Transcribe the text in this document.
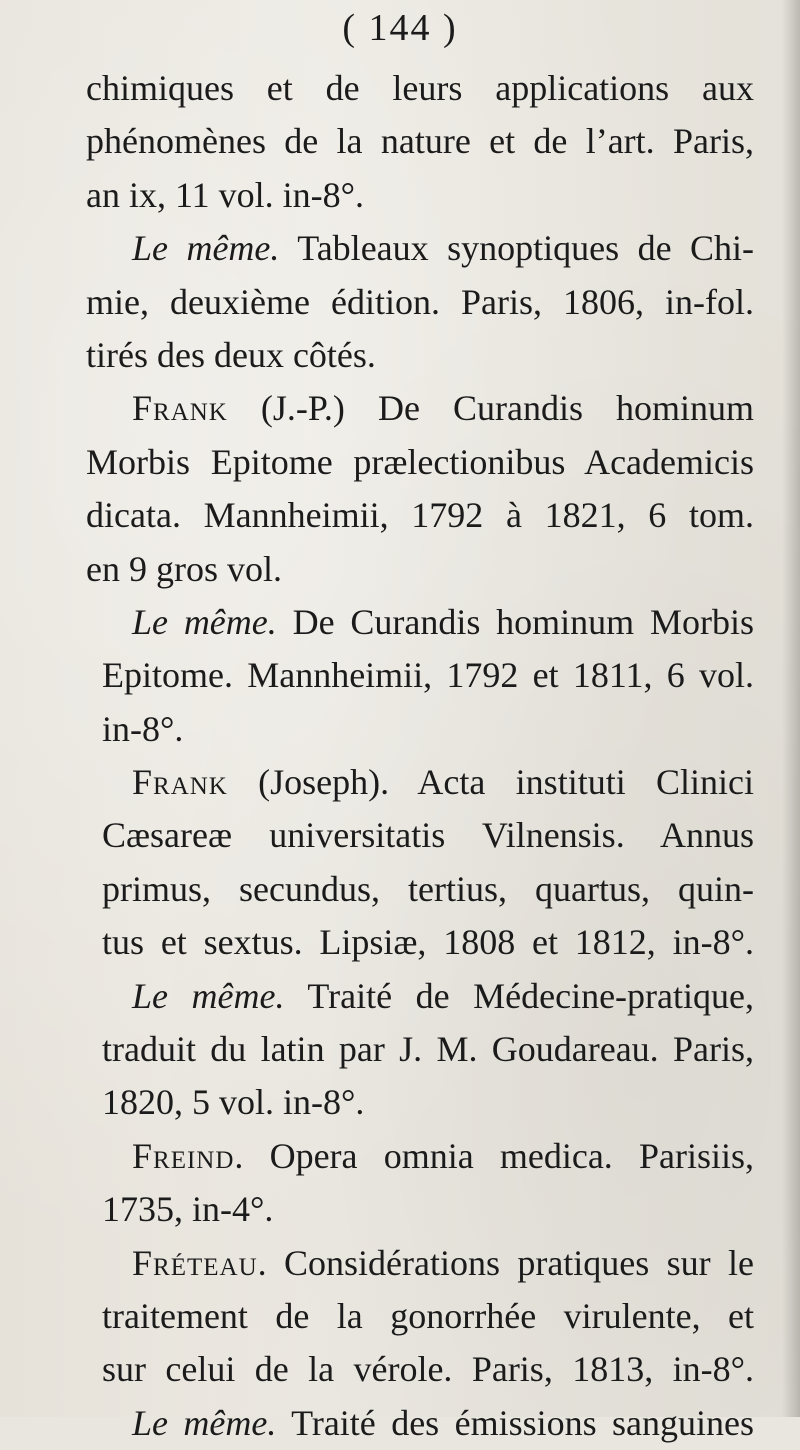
( 144 )
chimiques et de leurs applications aux
phénomènes de la nature et de l’art. Paris,
an ix, 11 vol. in-8°.
Le même. Tableaux synoptiques de Chi-
mie, deuxième édition. Paris, 1806, in-fol.
tirés des deux côtés.
Frank (J.-P.) De Curandis hominum
Morbis Epitome prælectionibus Academicis
dicata. Mannheimii, 1792 à 1821, 6 tom.
en 9 gros vol.
Le même. De Curandis hominum Morbis
Epitome. Mannheimii, 1792 et 1811, 6 vol.
in-8°.
Frank (Joseph). Acta instituti Clinici
Cæsareæ universitatis Vilnensis. Annus
primus, secundus, tertius, quartus, quin-
tus et sextus. Lipsiæ, 1808 et 1812, in-8°.
Le même. Traité de Médecine-pratique,
traduit du latin par J. M. Goudareau. Paris,
1820, 5 vol. in-8°.
Freind. Opera omnia medica. Parisiis,
1735, in-4°.
Fréteau. Considérations pratiques sur le
traitement de la gonorrhée virulente, et
sur celui de la vérole. Paris, 1813, in-8°.
Le même. Traité des émissions sanguines
